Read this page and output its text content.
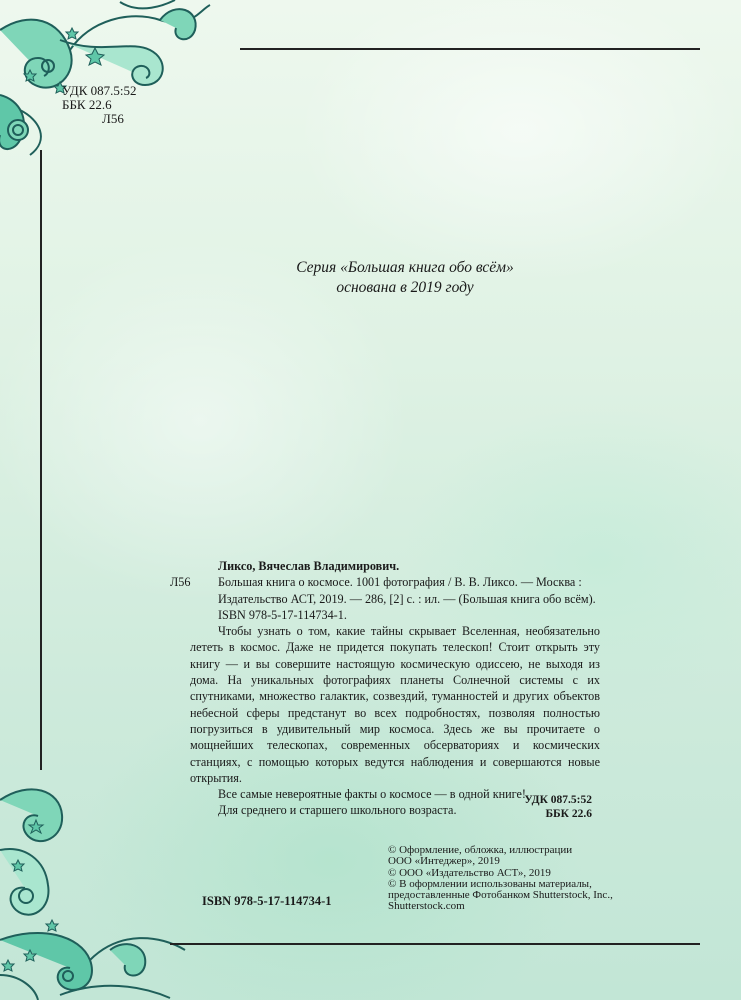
УДК 087.5:52
ББК 22.6
Л56
Серия «Большая книга обо всём»
основана в 2019 году
Ликсо, Вячеслав Владимирович.
Л56	Большая книга о космосе. 1001 фотография / В. В. Ликсо. — Москва :
Издательство АСТ, 2019. — 286, [2] с. : ил. — (Большая книга обо всём).
ISBN 978-5-17-114734-1.
Чтобы узнать о том, какие тайны скрывает Вселенная, необязательно лететь в космос. Даже не придется покупать телескоп! Стоит открыть эту книгу — и вы совершите настоящую космическую одиссею, не выходя из дома. На уникальных фотографиях планеты Солнечной системы с их спутниками, множество галактик, созвездий, туманностей и других объектов небесной сферы предстанут во всех подробностях, позволяя полностью погрузиться в удивительный мир космоса. Здесь же вы прочитаете о мощнейших телескопах, современных обсерваториях и космических станциях, с помощью которых ведутся наблюдения и совершаются новые открытия.
Все самые невероятные факты о космосе — в одной книге!
Для среднего и старшего школьного возраста.
УДК 087.5:52
ББК 22.6
© Оформление, обложка, иллюстрации
ООО «Интеджер», 2019
© ООО «Издательство АСТ», 2019
© В оформлении использованы материалы,
предоставленные Фотобанком Shutterstock, Inc.,
Shutterstock.com
ISBN 978-5-17-114734-1
